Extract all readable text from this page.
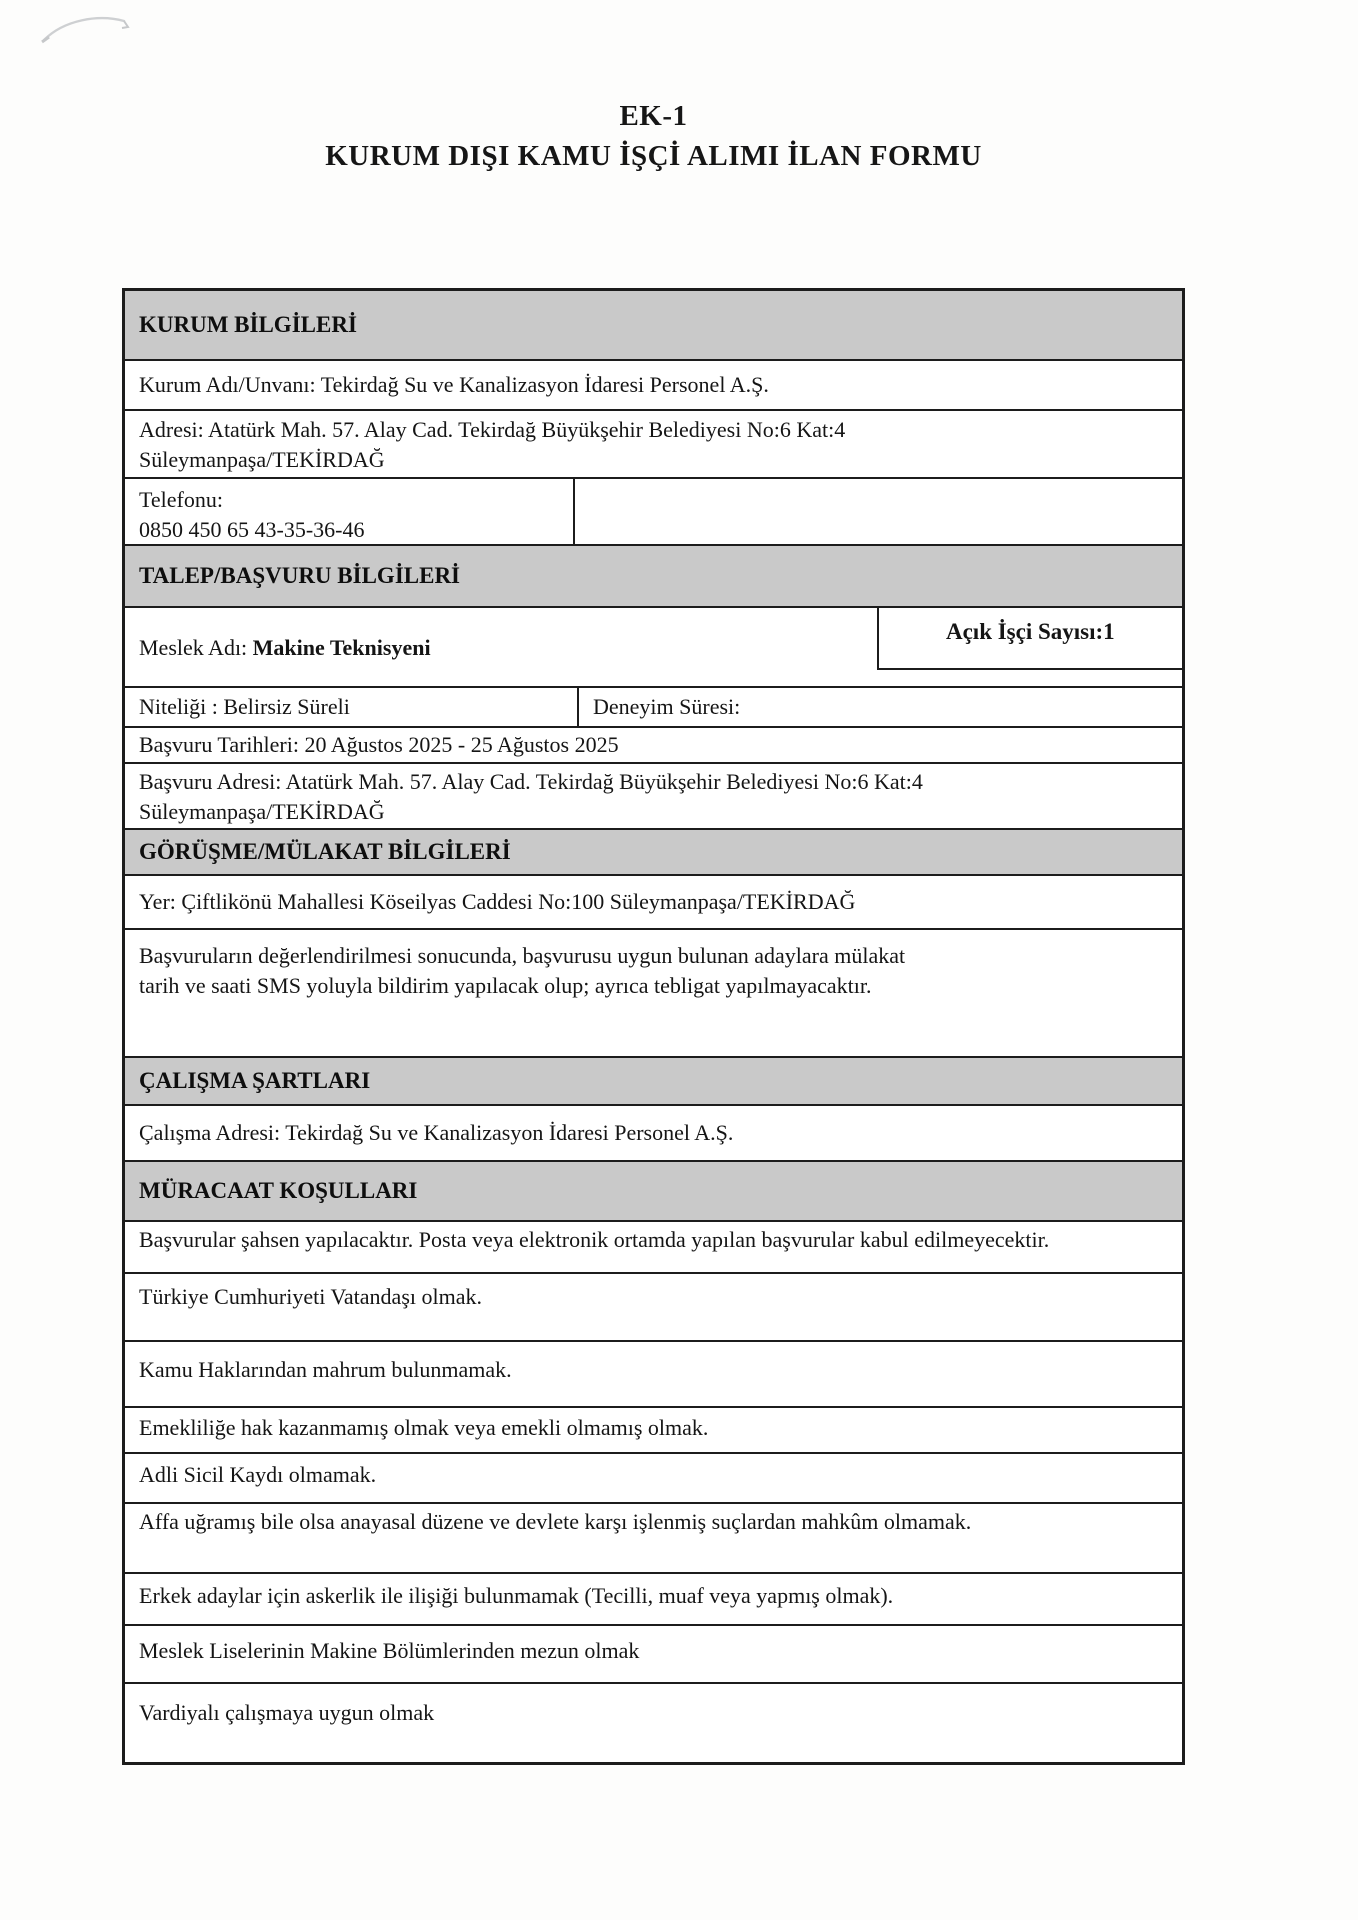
EK-1
KURUM DIŞI KAMU İŞÇİ ALIMI İLAN FORMU
KURUM BİLGİLERİ
Kurum Adı/Unvanı: Tekirdağ Su ve Kanalizasyon İdaresi Personel A.Ş.
Adresi: Atatürk Mah. 57. Alay Cad. Tekirdağ Büyükşehir Belediyesi No:6 Kat:4 Süleymanpaşa/TEKİRDAĞ
Telefonu:
0850 450 65 43-35-36-46
TALEP/BAŞVURU BİLGİLERİ
Meslek Adı: Makine Teknisyeni
Açık İşçi Sayısı:1
Niteliği : Belirsiz Süreli	Deneyim Süresi:
Başvuru Tarihleri: 20 Ağustos 2025 - 25 Ağustos 2025
Başvuru Adresi: Atatürk Mah. 57. Alay Cad. Tekirdağ Büyükşehir Belediyesi No:6 Kat:4 Süleymanpaşa/TEKİRDAĞ
GÖRÜŞME/MÜLAKAT BİLGİLERİ
Yer: Çiftlikönü Mahallesi Köseilyas Caddesi No:100 Süleymanpaşa/TEKİRDAĞ
Başvuruların değerlendirilmesi sonucunda, başvurusu uygun bulunan adaylara mülakat tarih ve saati SMS yoluyla bildirim yapılacak olup; ayrıca tebligat yapılmayacaktır.
ÇALIŞMA ŞARTLARI
Çalışma Adresi: Tekirdağ Su ve Kanalizasyon İdaresi Personel A.Ş.
MÜRACAAT KOŞULLARI
Başvurular şahsen yapılacaktır. Posta veya elektronik ortamda yapılan başvurular kabul edilmeyecektir.
Türkiye Cumhuriyeti Vatandaşı olmak.
Kamu Haklarından mahrum bulunmamak.
Emekliliğe hak kazanmamış olmak veya emekli olmamış olmak.
Adli Sicil Kaydı olmamak.
Affa uğramış bile olsa anayasal düzene ve devlete karşı işlenmiş suçlardan mahkûm olmamak.
Erkek adaylar için askerlik ile ilişiği bulunmamak (Tecilli, muaf veya yapmış olmak).
Meslek Liselerinin Makine Bölümlerinden mezun olmak
Vardiyalı çalışmaya uygun olmak
